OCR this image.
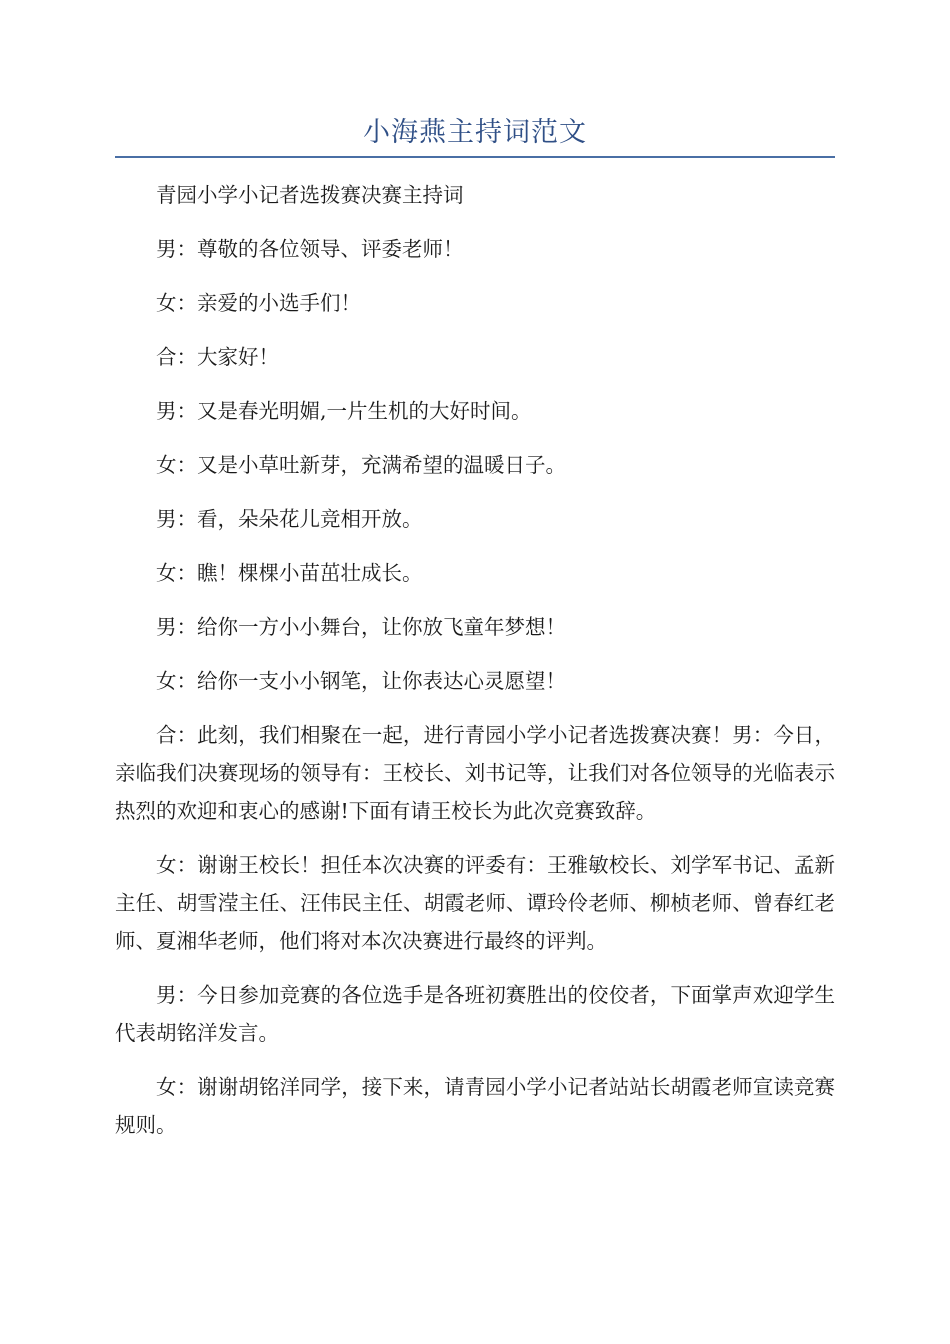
小海燕主持词范文

青园小学小记者选拨赛决赛主持词

男：尊敬的各位领导、评委老师！

女：亲爱的小选手们！

合：大家好！

男：又是春光明媚,一片生机的大好时间。

女：又是小草吐新芽，充满希望的温暖日子。

男：看，朵朵花儿竞相开放。

女：瞧！棵棵小苗茁壮成长。

男：给你一方小小舞台，让你放飞童年梦想！

女：给你一支小小钢笔，让你表达心灵愿望！

合：此刻，我们相聚在一起，进行青园小学小记者选拨赛决赛！男：今日，亲临我们决赛现场的领导有：王校长、刘书记等，让我们对各位领导的光临表示热烈的欢迎和衷心的感谢!下面有请王校长为此次竞赛致辞。

女：谢谢王校长！担任本次决赛的评委有：王雅敏校长、刘学军书记、孟新主任、胡雪滢主任、汪伟民主任、胡霞老师、谭玲伶老师、柳桢老师、曾春红老师、夏湘华老师，他们将对本次决赛进行最终的评判。

男：今日参加竞赛的各位选手是各班初赛胜出的佼佼者，下面掌声欢迎学生代表胡铭洋发言。

女：谢谢胡铭洋同学，接下来，请青园小学小记者站站长胡霞老师宣读竞赛规则。
